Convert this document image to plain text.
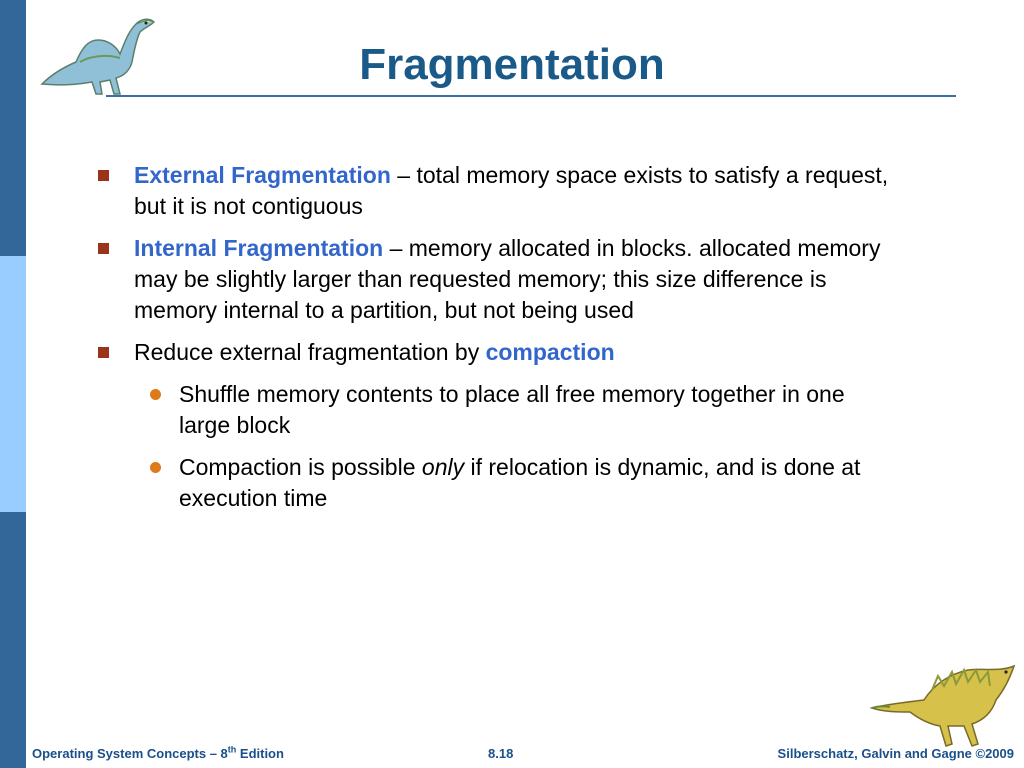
Fragmentation
External Fragmentation – total memory space exists to satisfy a request, but it is not contiguous
Internal Fragmentation – memory allocated in blocks. allocated memory may be slightly larger than requested memory; this size difference is memory internal to a partition, but not being used
Reduce external fragmentation by compaction
Shuffle memory contents to place all free memory together in one large block
Compaction is possible only if relocation is dynamic, and is done at execution time
Operating System Concepts – 8th Edition	8.18	Silberschatz, Galvin and Gagne ©2009
